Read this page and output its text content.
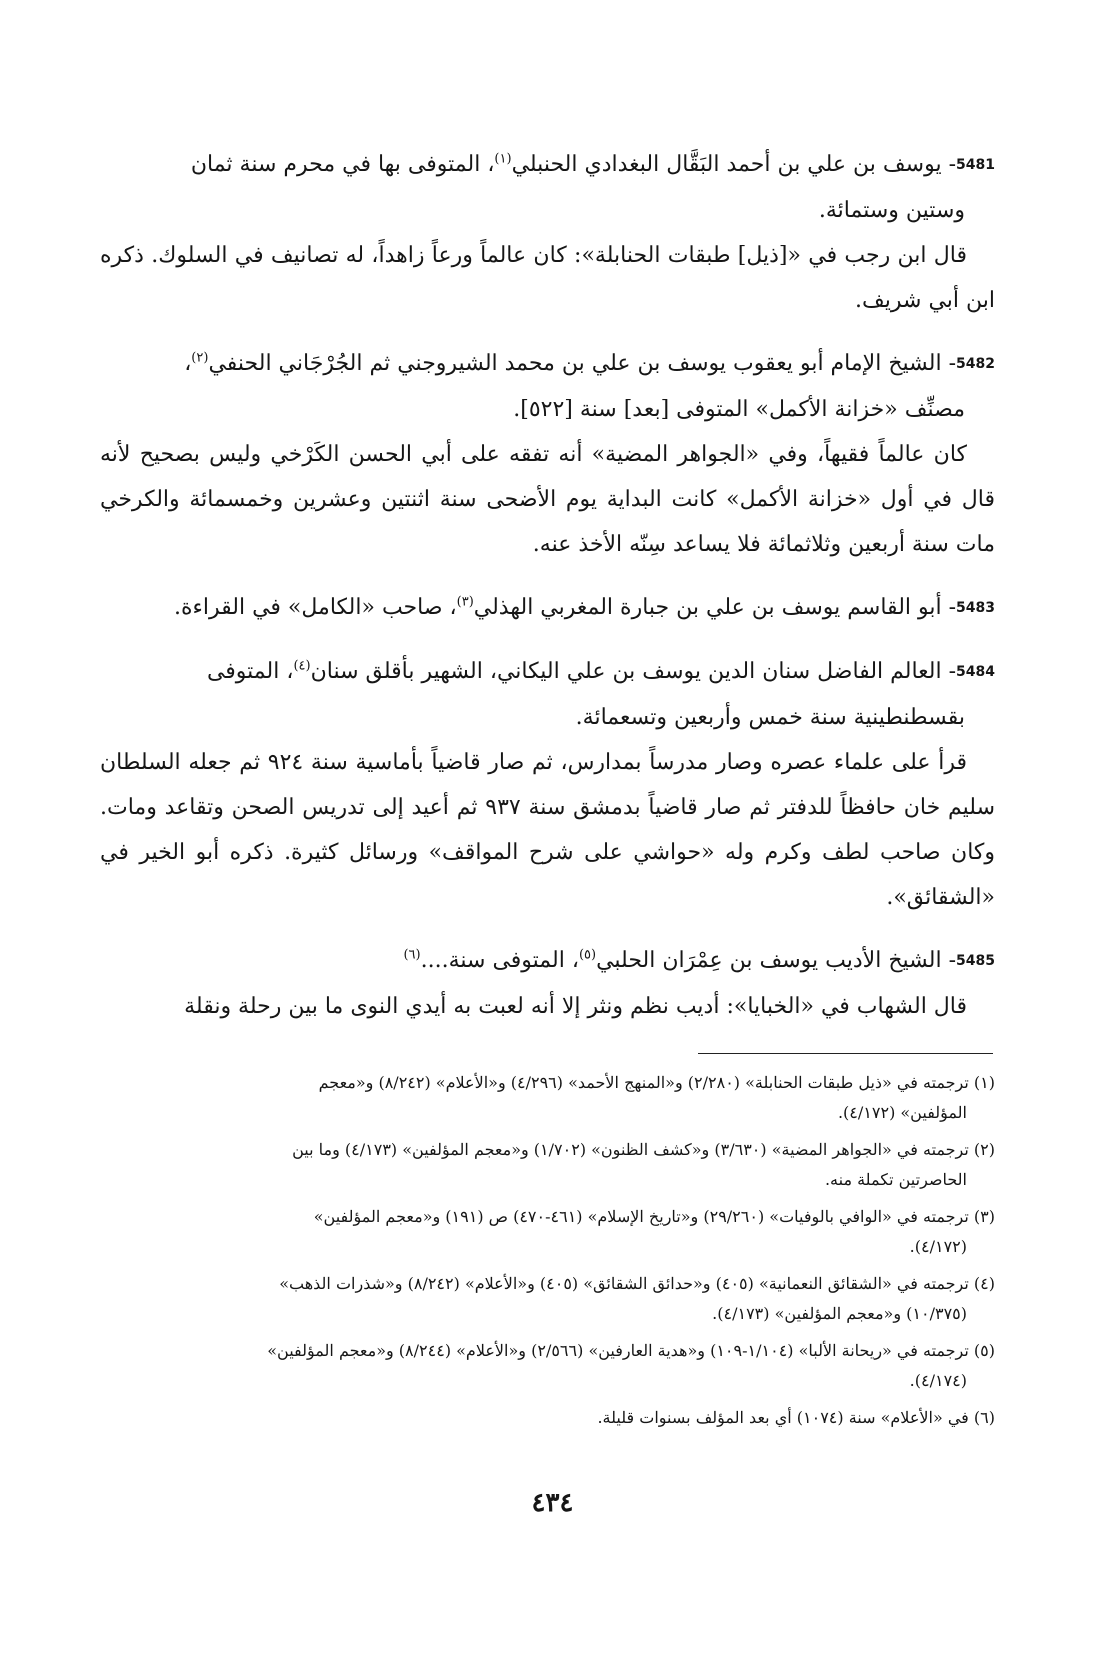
5481- يوسف بن علي بن أحمد البَقَّال البغدادي الحنبلي$^{(١)}$، المتوفى بها في محرم سنة ثمان
وستين وستمائة.

قال ابن رجب في «[ذيل] طبقات الحنابلة»: كان عالماً ورعاً زاهداً، له تصانيف في السلوك. ذكره ابن أبي شريف.

5482- الشيخ الإمام أبو يعقوب يوسف بن علي بن محمد الشيروجني ثم الجُرْجَاني الحنفي$^{(٢)}$،
مصنِّف «خزانة الأكمل» المتوفى [بعد] سنة [٥٢٢].

كان عالماً فقيهاً، وفي «الجواهر المضية» أنه تفقه على أبي الحسن الكَرْخي وليس بصحيح لأنه قال في أول «خزانة الأكمل» كانت البداية يوم الأضحى سنة اثنتين وعشرين وخمسمائة والكرخي مات سنة أربعين وثلاثمائة فلا يساعد سِنّه الأخذ عنه.

5483- أبو القاسم يوسف بن علي بن جبارة المغربي الهذلي$^{(٣)}$، صاحب «الكامل» في القراءة.

5484- العالم الفاضل سنان الدين يوسف بن علي اليكاني، الشهير بأقلق سنان$^{(٤)}$، المتوفى
بقسطنطينية سنة خمس وأربعين وتسعمائة.

قرأ على علماء عصره وصار مدرساً بمدارس، ثم صار قاضياً بأماسية سنة ٩٢٤ ثم جعله السلطان سليم خان حافظاً للدفتر ثم صار قاضياً بدمشق سنة ٩٣٧ ثم أعيد إلى تدريس الصحن وتقاعد ومات. وكان صاحب لطف وكرم وله «حواشي على شرح المواقف» ورسائل كثيرة. ذكره أبو الخير في «الشقائق».

5485- الشيخ الأديب يوسف بن عِمْرَان الحلبي$^{(٥)}$، المتوفى سنة....$^{(٦)}$

قال الشهاب في «الخبايا»: أديب نظم ونثر إلا أنه لعبت به أيدي النوى ما بين رحلة ونقلة

(١) ترجمته في «ذيل طبقات الحنابلة» (٢/٢٨٠) و«المنهج الأحمد» (٤/٢٩٦) و«الأعلام» (٨/٢٤٢) و«معجم
المؤلفين» (٤/١٧٢).

(٢) ترجمته في «الجواهر المضية» (٣/٦٣٠) و«كشف الظنون» (١/٧٠٢) و«معجم المؤلفين» (٤/١٧٣) وما بين
الحاصرتين تكملة منه.

(٣) ترجمته في «الوافي بالوفيات» (٢٩/٢٦٠) و«تاريخ الإسلام» (٤٦١-٤٧٠) ص (١٩١) و«معجم المؤلفين»
(٤/١٧٢).

(٤) ترجمته في «الشقائق النعمانية» (٤٠٥) و«حدائق الشقائق» (٤٠٥) و«الأعلام» (٨/٢٤٢) و«شذرات الذهب»
(١٠/٣٧٥) و«معجم المؤلفين» (٤/١٧٣).

(٥) ترجمته في «ريحانة الألبا» (١/١٠٤-١٠٩) و«هدية العارفين» (٢/٥٦٦) و«الأعلام» (٨/٢٤٤) و«معجم المؤلفين»
(٤/١٧٤).

(٦) في «الأعلام» سنة (١٠٧٤) أي بعد المؤلف بسنوات قليلة.

٤٣٤
